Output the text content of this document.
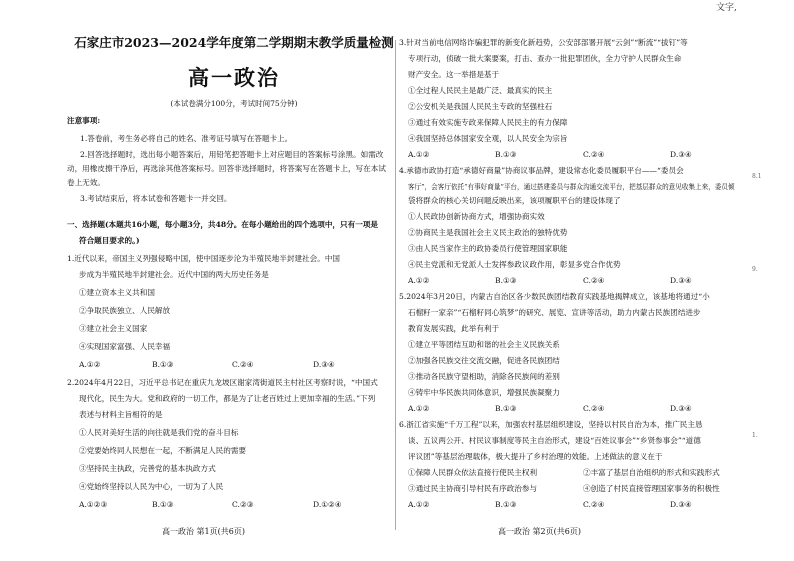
文字,
8.1
9.
1.
石家庄市2023—2024学年度第二学期期末教学质量检测
高一政治
(本试卷满分100分，考试时间75分钟)
注意事项:
1.答卷前，考生务必将自己的姓名、准考证号填写在答题卡上。
2.回答选择题时，选出每小题答案后，用铅笔把答题卡上对应题目的答案标号涂黑。如需改
动，用橡皮擦干净后，再选涂其他答案标号。回答非选择题时，将答案写在答题卡上，写在本试
卷上无效。
3.考试结束后，将本试卷和答题卡一并交回。
一、选择题(本题共16小题，每小题3分，共48分。在每小题给出的四个选项中，只有一项是
符合题目要求的。)
1.近代以来，帝国主义列强侵略中国，使中国逐步沦为半殖民地半封建社会。中国
步成为半殖民地半封建社会。近代中国的两大历史任务是
①建立资本主义共和国
②争取民族独立、人民解放
③建立社会主义国家
④实现国家富强、人民幸福
A.①②	B.①③	C.②④	D.③④
2.2024年4月22日，习近平总书记在重庆九龙坡区谢家湾街道民主村社区考察时说，“中国式
现代化，民生为大。党和政府的一切工作，都是为了让老百姓过上更加幸福的生活。”下列
表述与材料主旨相符的是
①人民对美好生活的向往就是我们党的奋斗目标
②党要始终同人民想在一起，不断满足人民的需要
③坚持民主执政，完善党的基本执政方式
④党始终坚持以人民为中心，一切为了人民
A.①②③	B.①③	C.②③	D.①②④
高一政治 第1页(共6页)
3.针对当前电信网络诈骗犯罪的新变化新趋势，公安部部署开展“云剑”“断流”“拔钉”等
专项行动，侦破一批大案要案，打击、查办一批犯罪团伙，全力守护人民群众生命
财产安全。这一举措是基于
①全过程人民民主是最广泛、最真实的民主
②公安机关是我国人民民主专政的坚强柱石
③通过有效实施专政来保障人民民主的有力保障
④我国坚持总体国家安全观，以人民安全为宗旨
A.①②	B.①③	C.②④	D.③④
4.承德市政协打造“承德好商量”协商议事品牌，建设常态化委员履职平台——“委员会
客厅”，会客厅依托“有事好商量”平台，通过搭建委员与群众沟通交流平台，把基层群众的意见收集上来，委员倾
袋将群众的核心关切问题反映出来，该项履职平台的建设体现了
①人民政协创新协商方式，增强协商实效
②协商民主是我国社会主义民主政治的独特优势
③由人民当家作主的政协委员行使管理国家职能
④民主党派和无党派人士发挥参政议政作用，彰显多党合作优势
A.①②	B.①③	C.②④	D.③④
5.2024年3月20日，内蒙古自治区各少数民族团结教育实践基地揭牌成立，该基地将通过“小
石榴籽一家亲”“石榴籽同心筑梦”的研究、展览、宣讲等活动，助力内蒙古民族团结进步
教育发展实践，此举有利于
①建立平等团结互助和谐的社会主义民族关系
②加强各民族交往交流交融，促进各民族团结
③推动各民族守望相助，消除各民族间的差别
④铸牢中华民族共同体意识，增强民族凝聚力
A.①②	B.①③	C.②④	D.③④
6.浙江省实施“千万工程”以来，加强农村基层组织建设，坚持以村民自治为本，推广民主恳
谈、五议两公开、村民议事制度等民主自治形式，建设“百姓议事会”“乡贤参事会”“道德
评议团”等基层治理载体，极大提升了乡村治理的效能。上述做法的意义在于
①保障人民群众依法直接行使民主权利	②丰富了基层自治组织的形式和实践形式
③通过民主协商引导村民有序政治参与	④创造了村民直接管理国家事务的积极性
A.①②	B.①③	C.②④	D.③④
高一政治 第2页(共6页)
